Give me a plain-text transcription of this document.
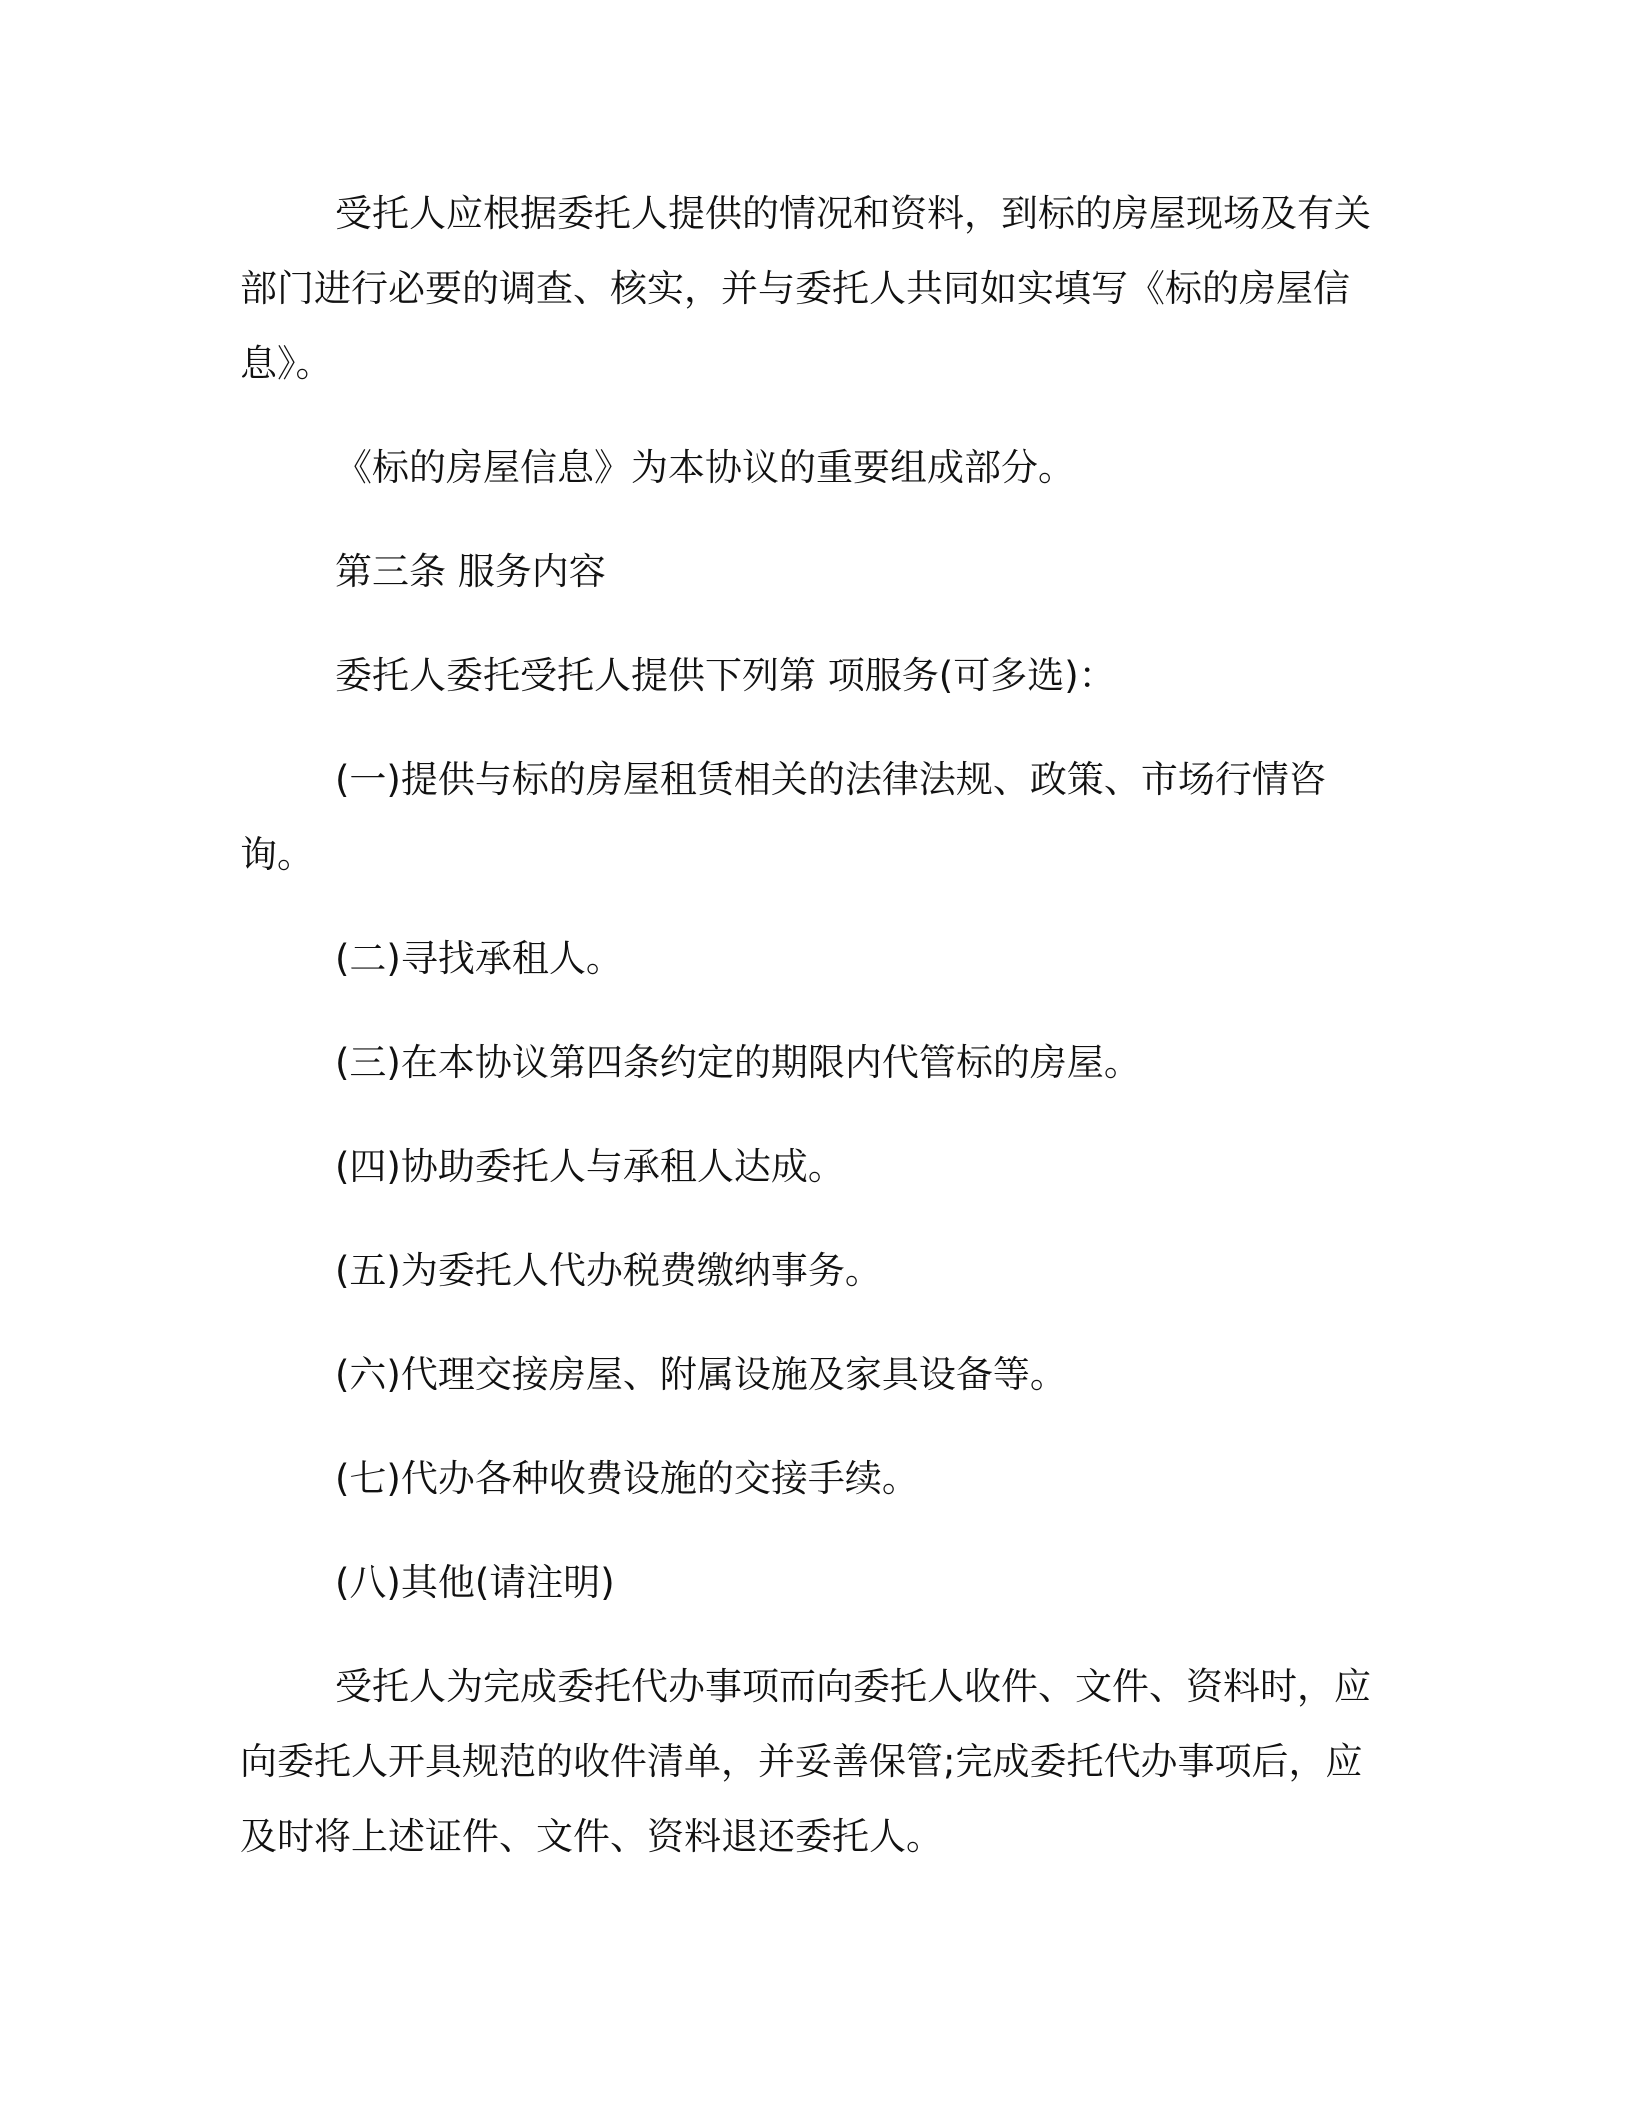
受托人应根据委托人提供的情况和资料，到标的房屋现场及有关部门进行必要的调查、核实，并与委托人共同如实填写《标的房屋信息》。

《标的房屋信息》为本协议的重要组成部分。

第三条 服务内容

委托人委托受托人提供下列第 项服务(可多选)：

(一)提供与标的房屋租赁相关的法律法规、政策、市场行情咨询。

(二)寻找承租人。

(三)在本协议第四条约定的期限内代管标的房屋。

(四)协助委托人与承租人达成。

(五)为委托人代办税费缴纳事务。

(六)代理交接房屋、附属设施及家具设备等。

(七)代办各种收费设施的交接手续。

(八)其他(请注明)

受托人为完成委托代办事项而向委托人收件、文件、资料时，应向委托人开具规范的收件清单，并妥善保管;完成委托代办事项后，应及时将上述证件、文件、资料退还委托人。
